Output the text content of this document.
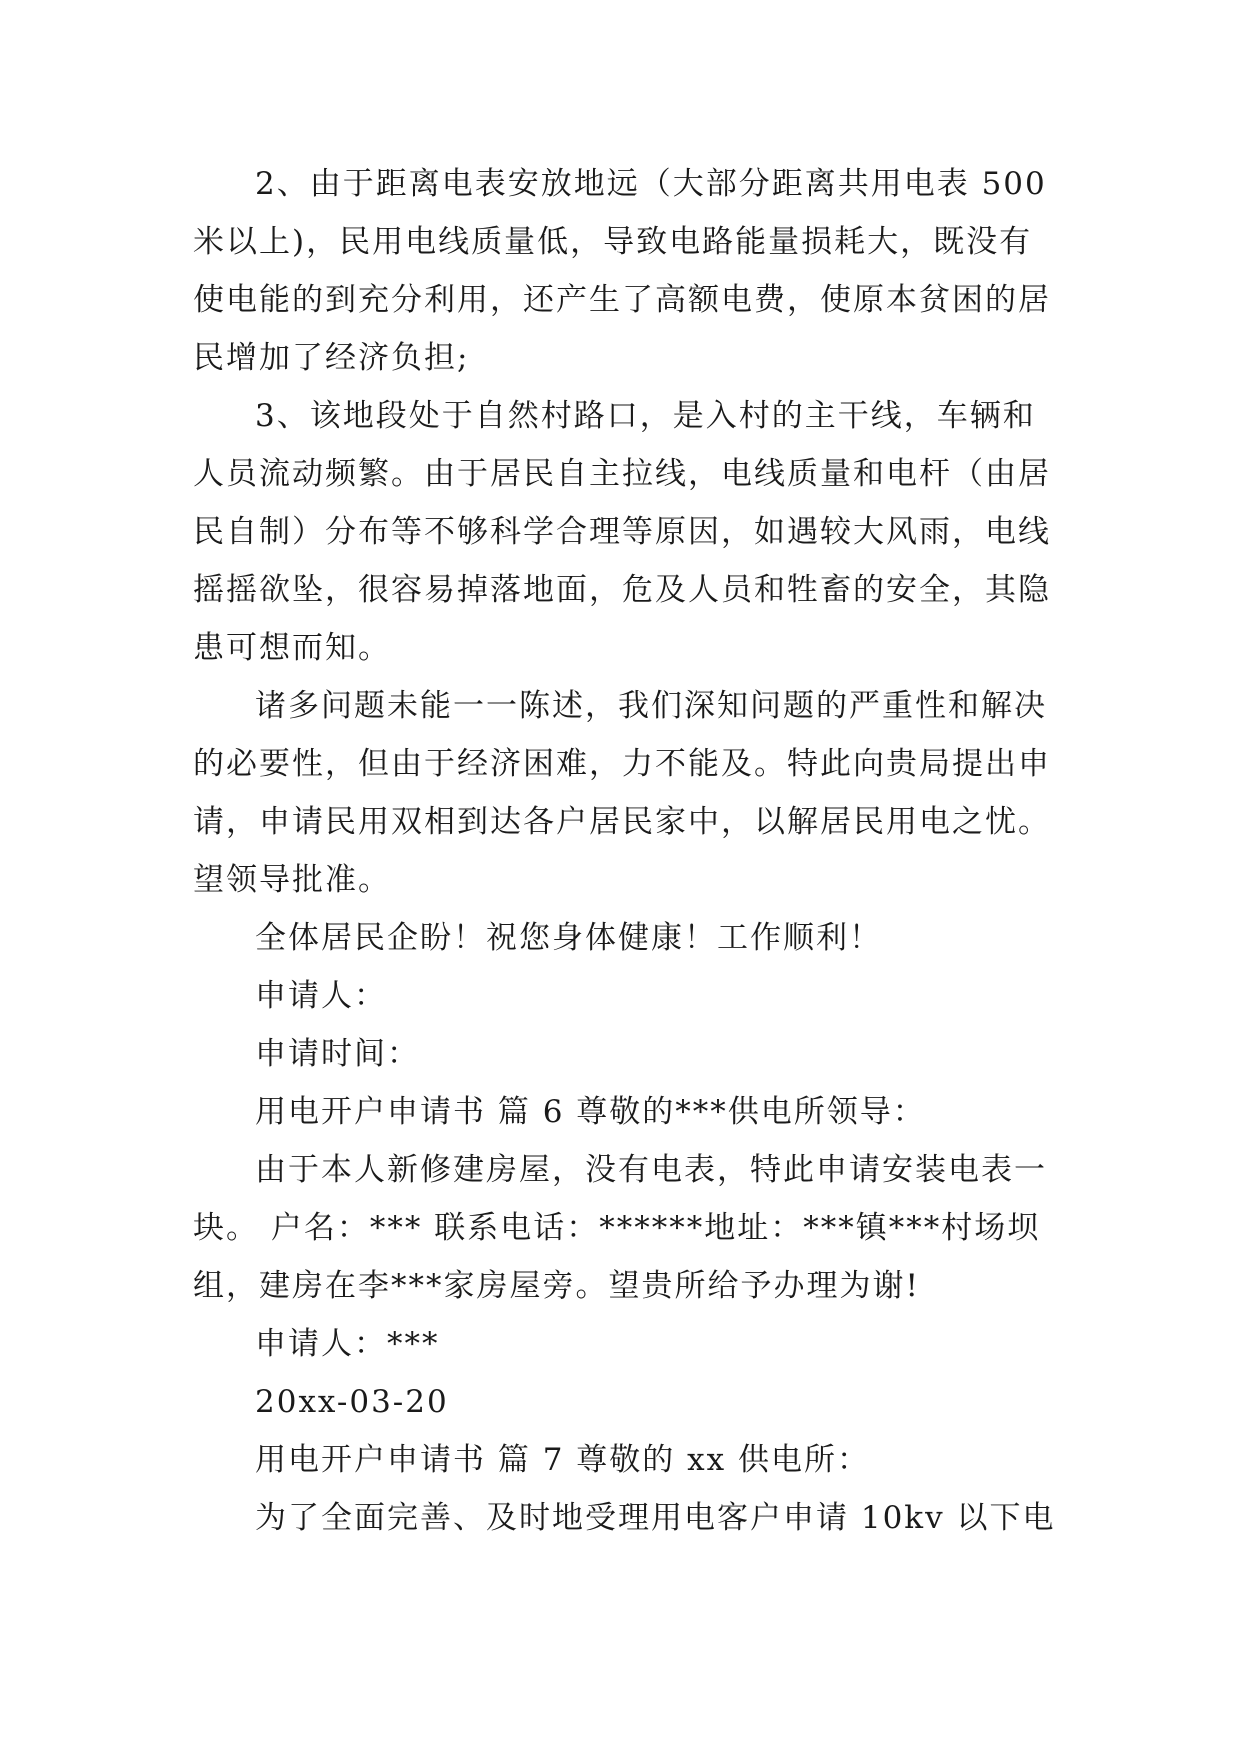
2、由于距离电表安放地远（大部分距离共用电表 500
米以上)，民用电线质量低，导致电路能量损耗大，既没有
使电能的到充分利用，还产生了高额电费，使原本贫困的居
民增加了经济负担;
3、该地段处于自然村路口，是入村的主干线，车辆和
人员流动频繁。由于居民自主拉线，电线质量和电杆（由居
民自制）分布等不够科学合理等原因，如遇较大风雨，电线
摇摇欲坠，很容易掉落地面，危及人员和牲畜的安全，其隐
患可想而知。
诸多问题未能一一陈述，我们深知问题的严重性和解决
的必要性，但由于经济困难，力不能及。特此向贵局提出申
请，申请民用双相到达各户居民家中，以解居民用电之忧。
望领导批准。
全体居民企盼！祝您身体健康！工作顺利！
申请人：
申请时间：
用电开户申请书 篇 6 尊敬的***供电所领导：
由于本人新修建房屋，没有电表，特此申请安装电表一
块。 户名：*** 联系电话：******地址：***镇***村场坝
组，建房在李***家房屋旁。望贵所给予办理为谢!
申请人：***
20xx-03-20
用电开户申请书 篇 7 尊敬的 xx 供电所：
为了全面完善、及时地受理用电客户申请 10kv 以下电
